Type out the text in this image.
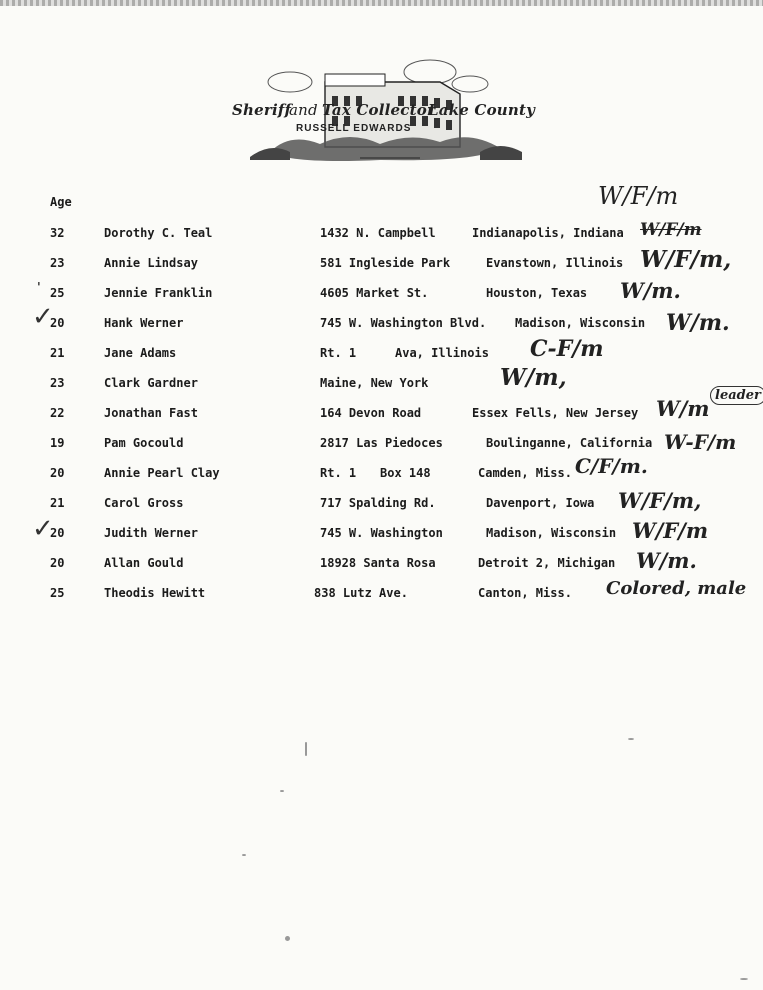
Sheriff
and Tax Collector
Lake County
RUSSELL EDWARDS
Age	W/F/m
32	Dorothy C. Teal	1432 N. Campbell	Indianapolis, Indiana W/F/m
23	Annie Lindsay	581 Ingleside Park	Evanstown, Illinois W/F/m,
' 25	Jennie Franklin	4605 Market St.	Houston, Texas W/m.
✓
20	Hank Werner	745 W. Washington Blvd. Madison, Wisconsin W/m.
21	Jane Adams	Rt. 1	Ava, Illinois C-F/m
23	Clark Gardner	Maine, New York	W/m,
22	Jonathan Fast	164 Devon Road	Essex Fells, New Jersey W/m
leader
19	Pam Gocould	2817 Las Piedoces	Boulinganne, California W-F/m
20	Annie Pearl Clay	Rt. 1 Box 148	Camden, Miss. C/F/m.
21	Carol Gross	717 Spalding Rd.	Davenport, Iowa W/F/m,
✓
20	Judith Werner	745 W. Washington	Madison, Wisconsin W/F/m
20	Allan Gould	18928 Santa Rosa	Detroit 2, Michigan W/m.
25	Theodis Hewitt	838 Lutz Ave.	Canton, Miss. Colored, male
